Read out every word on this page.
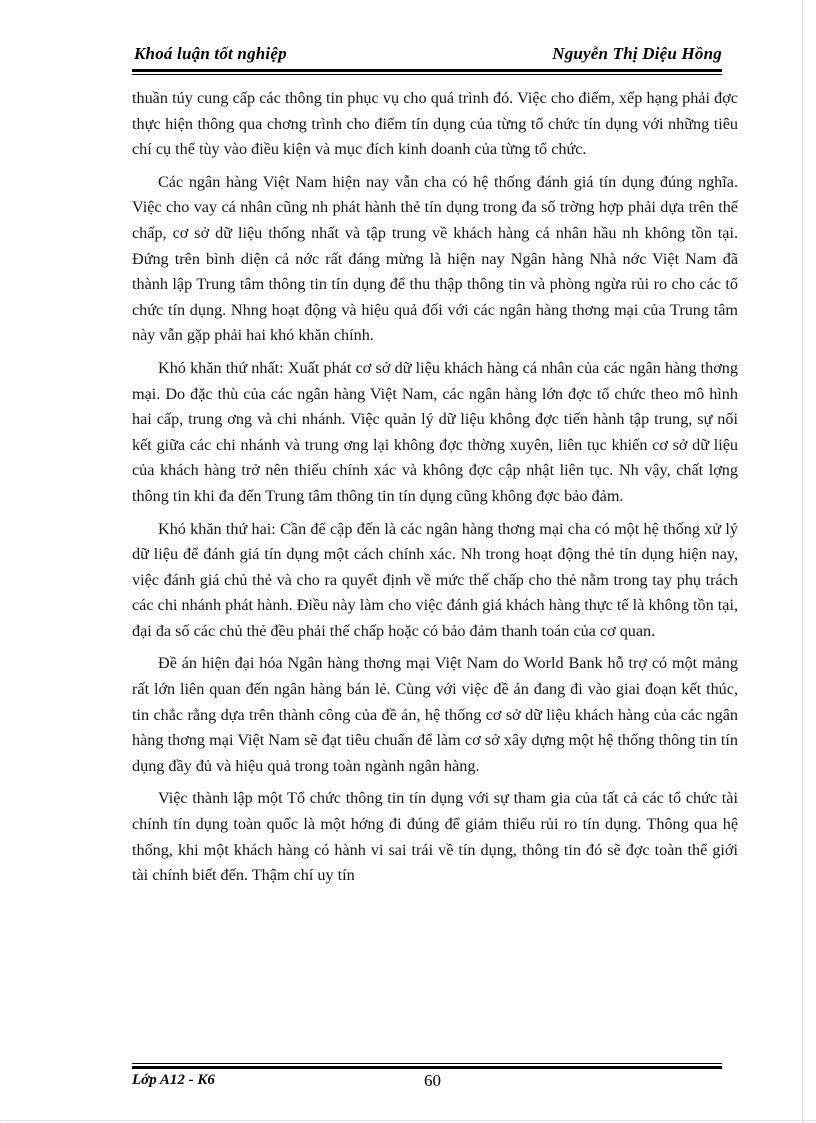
Khoá luận tốt nghiệp	Nguyễn Thị Diệu Hồng

thuần túy cung cấp các thông tin phục vụ cho quá trình đó. Việc cho điểm, xếp hạng phải đợc thực hiện thông qua chơng trình cho điểm tín dụng của từng tổ chức tín dụng với những tiêu chí cụ thể tùy vào điều kiện và mục đích kinh doanh của từng tổ chức.

Các ngân hàng Việt Nam hiện nay vẫn cha có hệ thống đánh giá tín dụng đúng nghĩa. Việc cho vay cá nhân cũng nh phát hành thẻ tín dụng trong đa số trờng hợp phải dựa trên thế chấp, cơ sở dữ liệu thống nhất và tập trung về khách hàng cá nhân hầu nh không tồn tại. Đứng trên bình diện cả nớc rất đáng mừng là hiện nay Ngân hàng Nhà nớc Việt Nam đã thành lập Trung tâm thông tin tín dụng để thu thập thông tin và phòng ngừa rủi ro cho các tổ chức tín dụng. Nhng hoạt động và hiệu quả đối với các ngân hàng thơng mại của Trung tâm này vẫn gặp phải hai khó khăn chính.

Khó khăn thứ nhất: Xuất phát cơ sở dữ liệu khách hàng cá nhân của các ngân hàng thơng mại. Do đặc thù của các ngân hàng Việt Nam, các ngân hàng lớn đợc tổ chức theo mô hình hai cấp, trung ơng và chi nhánh. Việc quản lý dữ liệu không đợc tiến hành tập trung, sự nối kết giữa các chi nhánh và trung ơng lại không đợc thờng xuyên, liên tục khiến cơ sở dữ liệu của khách hàng trở nên thiếu chính xác và không đợc cập nhật liên tục. Nh vậy, chất lợng thông tin khi đa đến Trung tâm thông tin tín dụng cũng không đợc bảo đảm.

Khó khăn thứ hai: Cần để cập đến là các ngân hàng thơng mại cha có một hệ thống xử lý dữ liệu để đánh giá tín dụng một cách chính xác. Nh trong hoạt động thẻ tín dụng hiện nay, việc đánh giá chủ thẻ và cho ra quyết định về mức thế chấp cho thẻ nằm trong tay phụ trách các chi nhánh phát hành. Điều này làm cho việc đánh giá khách hàng thực tế là không tồn tại, đại đa số các chủ thẻ đều phải thế chấp hoặc có bảo đảm thanh toán của cơ quan.

Đề án hiện đại hóa Ngân hàng thơng mại Việt Nam do World Bank hỗ trợ có một mảng rất lớn liên quan đến ngân hàng bán lẻ. Cùng với việc đề án đang đi vào giai đoạn kết thúc, tin chắc rằng dựa trên thành công của đề án, hệ thống cơ sở dữ liệu khách hàng của các ngân hàng thơng mại Việt Nam sẽ đạt tiêu chuẩn để làm cơ sở xây dựng một hệ thống thông tin tín dụng đầy đủ và hiệu quả trong toàn ngành ngân hàng.

Việc thành lập một Tổ chức thông tin tín dụng với sự tham gia của tất cả các tổ chức tài chính tín dụng toàn quốc là một hớng đi đúng để giảm thiểu rủi ro tín dụng. Thông qua hệ thống, khi một khách hàng có hành vi sai trái về tín dụng, thông tin đó sẽ đợc toàn thể giới tài chính biết đến. Thậm chí uy tín

Lớp A12 - K6	60
